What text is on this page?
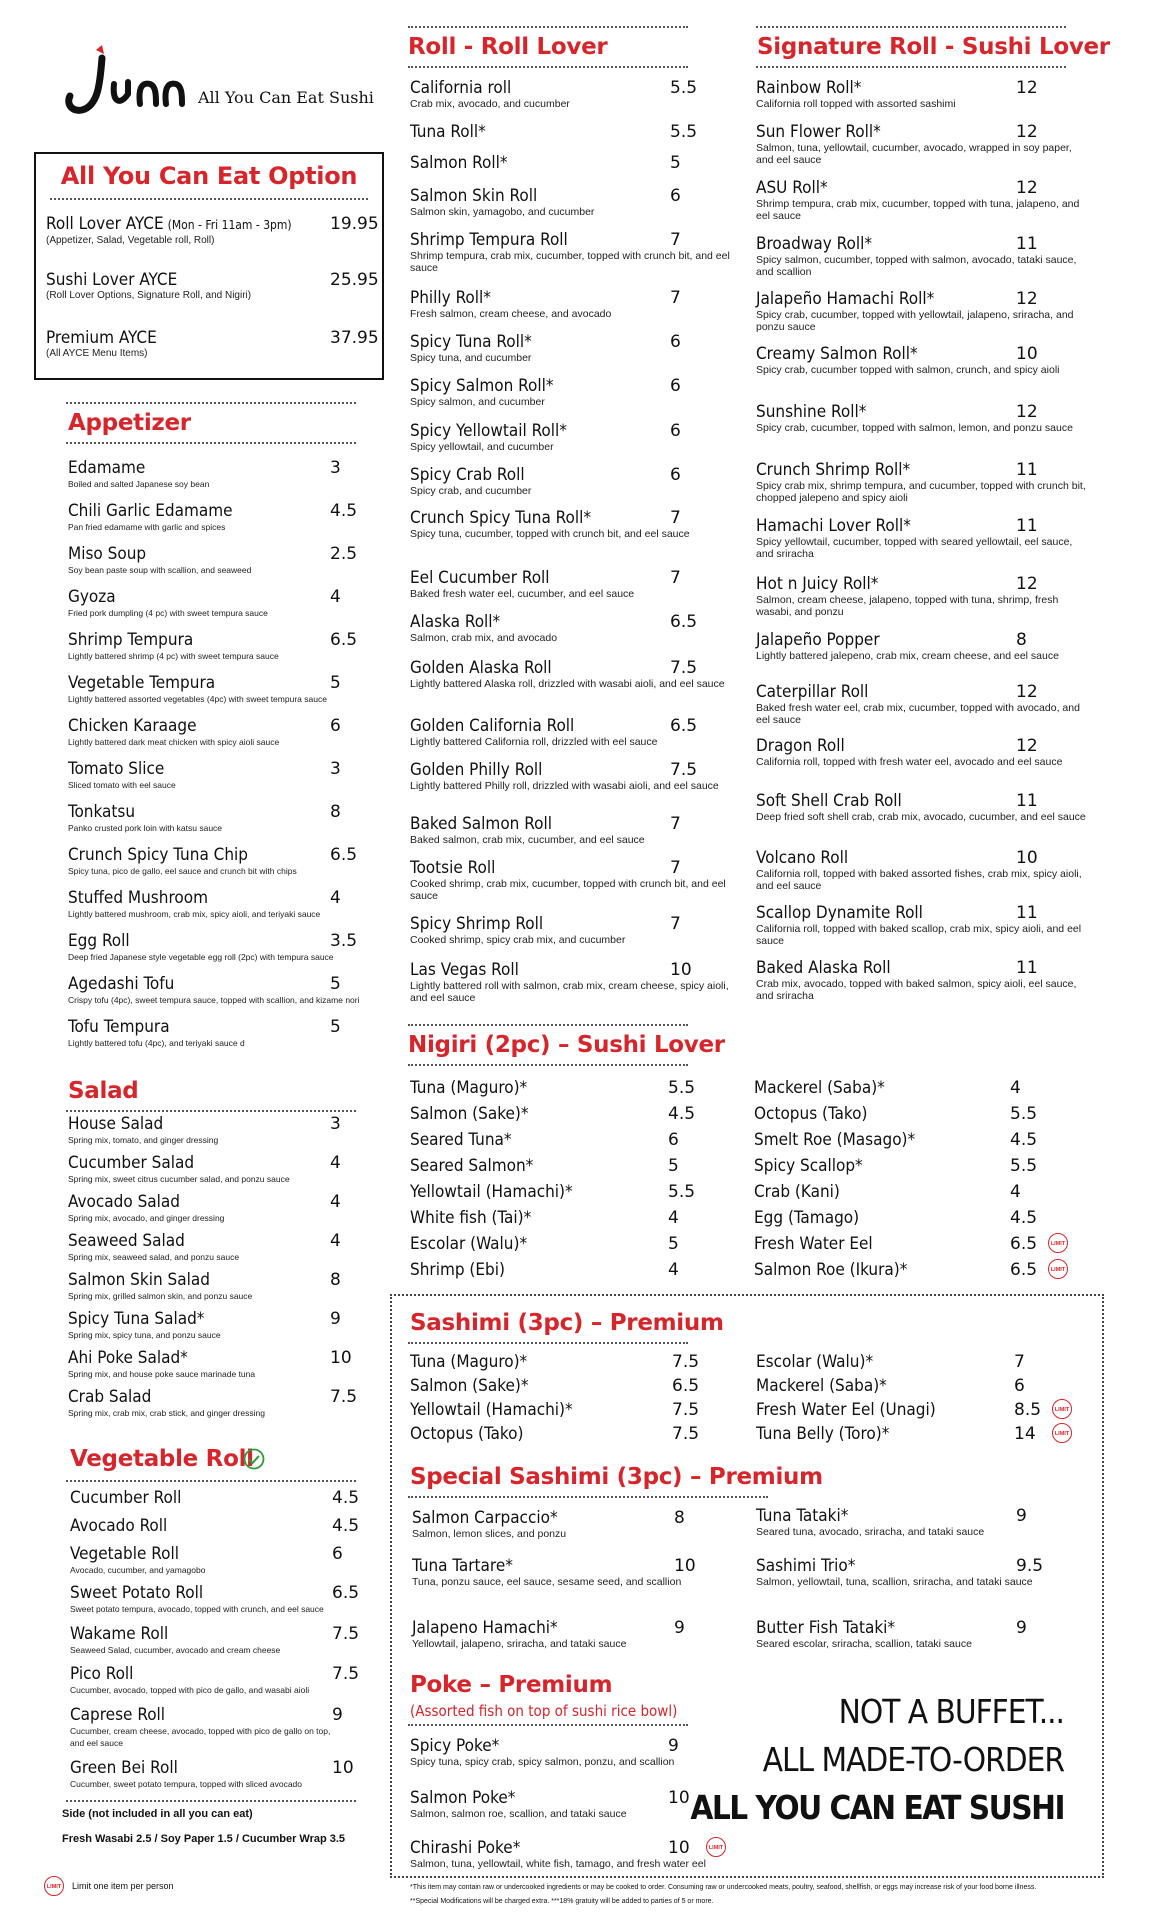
All You Can Eat Sushi
All You Can Eat Option
Roll Lover AYCE (Mon - Fri 11am - 3pm)	19.95
(Appetizer, Salad, Vegetable roll, Roll)
Sushi Lover AYCE	25.95
(Roll Lover Options, Signature Roll, and Nigiri)
Premium AYCE	37.95
(All AYCE Menu Items)
Appetizer
Edamame	3
Boiled and salted Japanese soy bean
Chili Garlic Edamame	4.5
Pan fried edamame with garlic and spices
Miso Soup	2.5
Soy bean paste soup with scallion, and seaweed
Gyoza	4
Fried pork dumpling (4 pc) with sweet tempura sauce
Shrimp Tempura	6.5
Lightly battered shrimp (4 pc) with sweet tempura sauce
Vegetable Tempura	5
Lightly battered assorted vegetables (4pc) with sweet tempura sauce
Chicken Karaage	6
Lightly battered dark meat chicken with spicy aioli sauce
Tomato Slice	3
Sliced tomato with eel sauce
Tonkatsu	8
Panko crusted pork loin with katsu sauce
Crunch Spicy Tuna Chip	6.5
Spicy tuna, pico de gallo, eel sauce and crunch bit with chips
Stuffed Mushroom	4
Lightly battered mushroom, crab mix, spicy aioli, and teriyaki sauce
Egg Roll	3.5
Deep fried Japanese style vegetable egg roll (2pc) with tempura sauce
Agedashi Tofu	5
Crispy tofu (4pc), sweet tempura sauce, topped with scallion, and kizame nori
Tofu Tempura	5
Lightly battered tofu (4pc), and teriyaki sauce d
Salad
House Salad	3
Spring mix, tomato, and ginger dressing
Cucumber Salad	4
Spring mix, sweet citrus cucumber salad, and ponzu sauce
Avocado Salad	4
Spring mix, avocado, and ginger dressing
Seaweed Salad	4
Spring mix, seaweed salad, and ponzu sauce
Salmon Skin Salad	8
Spring mix, grilled salmon skin, and ponzu sauce
Spicy Tuna Salad*	9
Spring mix, spicy tuna, and ponzu sauce
Ahi Poke Salad*	10
Spring mix, and house poke sauce marinade tuna
Crab Salad	7.5
Spring mix, crab mix, crab stick, and ginger dressing
Vegetable Roll
Cucumber Roll	4.5
Avocado Roll	4.5
Vegetable Roll	6
Avocado, cucumber, and yamagobo
Sweet Potato Roll	6.5
Sweet potato tempura, avocado, topped with crunch, and eel sauce
Wakame Roll	7.5
Seaweed Salad, cucumber, avocado and cream cheese
Pico Roll	7.5
Cucumber, avocado, topped with pico de gallo, and wasabi aioli
Caprese Roll	9
Cucumber, cream cheese, avocado, topped with pico de gallo on top, and eel sauce
Green Bei Roll	10
Cucumber, sweet potato tempura, topped with sliced avocado
Side (not included in all you can eat)
Fresh Wasabi 2.5 / Soy Paper 1.5 / Cucumber Wrap 3.5
Roll - Roll Lover
California roll	5.5
Crab mix, avocado, and cucumber
Tuna Roll*	5.5
Salmon Roll*	5
Salmon Skin Roll	6
Salmon skin, yamagobo, and cucumber
Shrimp Tempura Roll	7
Shrimp tempura, crab mix, cucumber, topped with crunch bit, and eel sauce
Philly Roll*	7
Fresh salmon, cream cheese, and avocado
Spicy Tuna Roll*	6
Spicy tuna, and cucumber
Spicy Salmon Roll*	6
Spicy salmon, and cucumber
Spicy Yellowtail Roll*	6
Spicy yellowtail, and cucumber
Spicy Crab Roll	6
Spicy crab, and cucumber
Crunch Spicy Tuna Roll*	7
Spicy tuna, cucumber, topped with crunch bit, and eel sauce
Eel Cucumber Roll	7
Baked fresh water eel, cucumber, and eel sauce
Alaska Roll*	6.5
Salmon, crab mix, and avocado
Golden Alaska Roll	7.5
Lightly battered Alaska roll, drizzled with wasabi aioli, and eel sauce
Golden California Roll	6.5
Lightly battered California roll, drizzled with eel sauce
Golden Philly Roll	7.5
Lightly battered Philly roll, drizzled with wasabi aioli, and eel sauce
Baked Salmon Roll	7
Baked salmon, crab mix, cucumber, and eel sauce
Tootsie Roll	7
Cooked shrimp, crab mix, cucumber, topped with crunch bit, and eel sauce
Spicy Shrimp Roll	7
Cooked shrimp, spicy crab mix, and cucumber
Las Vegas Roll	10
Lightly battered roll with salmon, crab mix, cream cheese, spicy aioli, and eel sauce
Signature Roll - Sushi Lover
Rainbow Roll*	12
California roll topped with assorted sashimi
Sun Flower Roll*	12
Salmon, tuna, yellowtail, cucumber, avocado, wrapped in soy paper, and eel sauce
ASU Roll*	12
Shrimp tempura, crab mix, cucumber, topped with tuna, jalapeno, and eel sauce
Broadway Roll*	11
Spicy salmon, cucumber, topped with salmon, avocado, tataki sauce, and scallion
Jalapeño Hamachi Roll*	12
Spicy crab, cucumber, topped with yellowtail, jalapeno, sriracha, and ponzu sauce
Creamy Salmon Roll*	10
Spicy crab, cucumber topped with salmon, crunch, and spicy aioli
Sunshine Roll*	12
Spicy crab, cucumber, topped with salmon, lemon, and ponzu sauce
Crunch Shrimp Roll*	11
Spicy crab mix, shrimp tempura, and cucumber, topped with crunch bit, chopped jalepeno and spicy aioli
Hamachi Lover Roll*	11
Spicy yellowtail, cucumber, topped with seared yellowtail, eel sauce, and sriracha
Hot n Juicy Roll*	12
Salmon, cream cheese, jalapeno, topped with tuna, shrimp, fresh wasabi, and ponzu
Jalapeño Popper	8
Lightly battered jalepeno, crab mix, cream cheese, and eel sauce
Caterpillar Roll	12
Baked fresh water eel, crab mix, cucumber, topped with avocado, and eel sauce
Dragon Roll	12
California roll, topped with fresh water eel, avocado and eel sauce
Soft Shell Crab Roll	11
Deep fried soft shell crab, crab mix, avocado, cucumber, and eel sauce
Volcano Roll	10
California roll, topped with baked assorted fishes, crab mix, spicy aioli, and eel sauce
Scallop Dynamite Roll	11
California roll, topped with baked scallop, crab mix, spicy aioli, and eel sauce
Baked Alaska Roll	11
Crab mix, avocado, topped with baked salmon, spicy aioli, eel sauce, and sriracha
Nigiri (2pc) – Sushi Lover
Tuna (Maguro)*	5.5
Salmon (Sake)*	4.5
Seared Tuna*	6
Seared Salmon*	5
Yellowtail (Hamachi)*	5.5
White fish (Tai)*	4
Escolar (Walu)*	5
Shrimp (Ebi)	4
Mackerel (Saba)*	4
Octopus (Tako)	5.5
Smelt Roe (Masago)*	4.5
Spicy Scallop*	5.5
Crab (Kani)	4
Egg (Tamago)	4.5
Fresh Water Eel	6.5	LIMIT
Salmon Roe (Ikura)*	6.5	LIMIT
Sashimi (3pc) – Premium
Tuna (Maguro)*	7.5
Salmon (Sake)*	6.5
Yellowtail (Hamachi)*	7.5
Octopus (Tako)	7.5
Escolar (Walu)*	7
Mackerel (Saba)*	6
Fresh Water Eel (Unagi)	8.5	LIMIT
Tuna Belly (Toro)*	14	LIMIT
Special Sashimi (3pc) – Premium
Salmon Carpaccio*	8
Salmon, lemon slices, and ponzu
Tuna Tartare*	10
Tuna, ponzu sauce, eel sauce, sesame seed, and scallion
Jalapeno Hamachi*	9
Yellowtail, jalapeno, sriracha, and tataki sauce
Tuna Tataki*	9
Seared tuna, avocado, sriracha, and tataki sauce
Sashimi Trio*	9.5
Salmon, yellowtail, tuna, scallion, sriracha, and tataki sauce
Butter Fish Tataki*	9
Seared escolar, sriracha, scallion, tataki sauce
Poke – Premium
(Assorted fish on top of sushi rice bowl)
Spicy Poke*	9
Spicy tuna, spicy crab, spicy salmon, ponzu, and scallion
Salmon Poke*	10
Salmon, salmon roe, scallion, and tataki sauce
Chirashi Poke*	10
Salmon, tuna, yellowtail, white fish, tamago, and fresh water eel
LIMIT
NOT A BUFFET...
ALL MADE-TO-ORDER
ALL YOU CAN EAT SUSHI
LIMIT	Limit one item per person	*This item may contain raw or undercooked ingredients or may be cooked to order. Consuming raw or undercooked meats, poultry, seafood, shellfish, or eggs may increase risk of your food borne illness.
**Special Modifications will be charged extra. ***18% gratuity will be added to parties of 5 or more.
